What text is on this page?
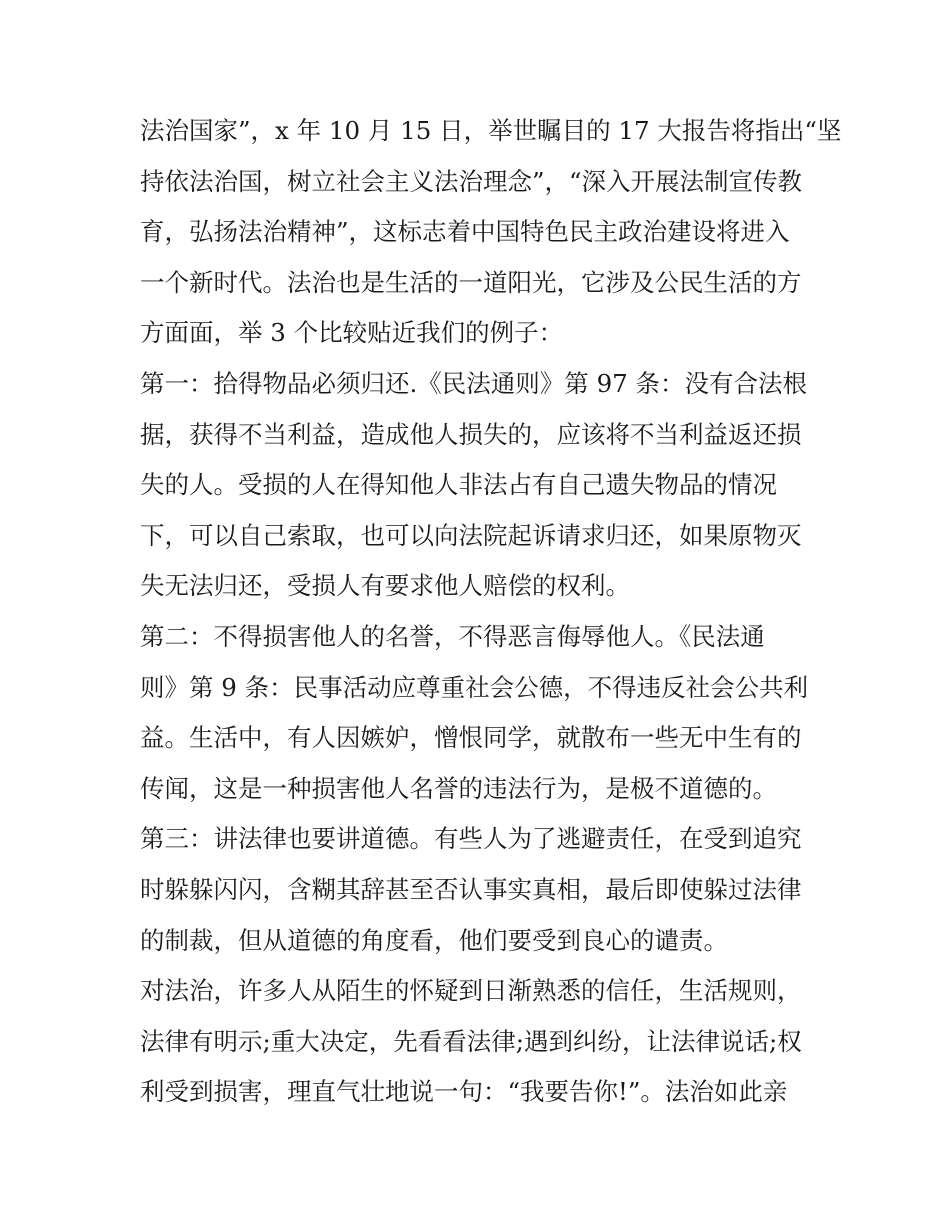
法治国家”，x 年 10 月 15 日，举世瞩目的 17 大报告将指出“坚
持依法治国，树立社会主义法治理念”，“深入开展法制宣传教
育，弘扬法治精神”，这标志着中国特色民主政治建设将进入
一个新时代。法治也是生活的一道阳光，它涉及公民生活的方
方面面，举 3 个比较贴近我们的例子：
第一：拾得物品必须归还.《民法通则》第 97 条：没有合法根
据，获得不当利益，造成他人损失的，应该将不当利益返还损
失的人。受损的人在得知他人非法占有自己遗失物品的情况
下，可以自己索取，也可以向法院起诉请求归还，如果原物灭
失无法归还，受损人有要求他人赔偿的权利。
第二：不得损害他人的名誉，不得恶言侮辱他人。《民法通
则》第 9 条：民事活动应尊重社会公德，不得违反社会公共利
益。生活中，有人因嫉妒，憎恨同学，就散布一些无中生有的
传闻，这是一种损害他人名誉的违法行为，是极不道德的。
第三：讲法律也要讲道德。有些人为了逃避责任，在受到追究
时躲躲闪闪，含糊其辞甚至否认事实真相，最后即使躲过法律
的制裁，但从道德的角度看，他们要受到良心的谴责。
对法治，许多人从陌生的怀疑到日渐熟悉的信任，生活规则，
法律有明示;重大决定，先看看法律;遇到纠纷，让法律说话;权
利受到损害，理直气壮地说一句：“我要告你!”。法治如此亲
